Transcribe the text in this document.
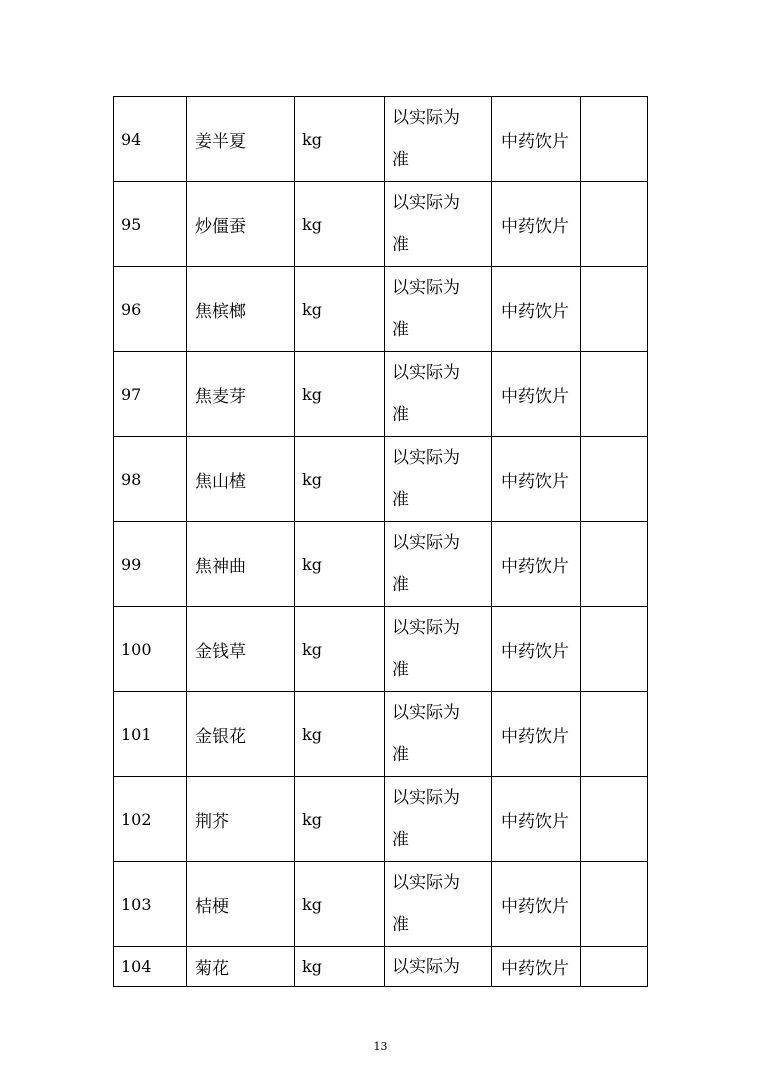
94	姜半夏	kg	以实际为准	中药饮片	
95	炒僵蚕	kg	以实际为准	中药饮片	
96	焦槟榔	kg	以实际为准	中药饮片	
97	焦麦芽	kg	以实际为准	中药饮片	
98	焦山楂	kg	以实际为准	中药饮片	
99	焦神曲	kg	以实际为准	中药饮片	
100	金钱草	kg	以实际为准	中药饮片	
101	金银花	kg	以实际为准	中药饮片	
102	荆芥	kg	以实际为准	中药饮片	
103	桔梗	kg	以实际为准	中药饮片	
104	菊花	kg	以实际为	中药饮片	
13
